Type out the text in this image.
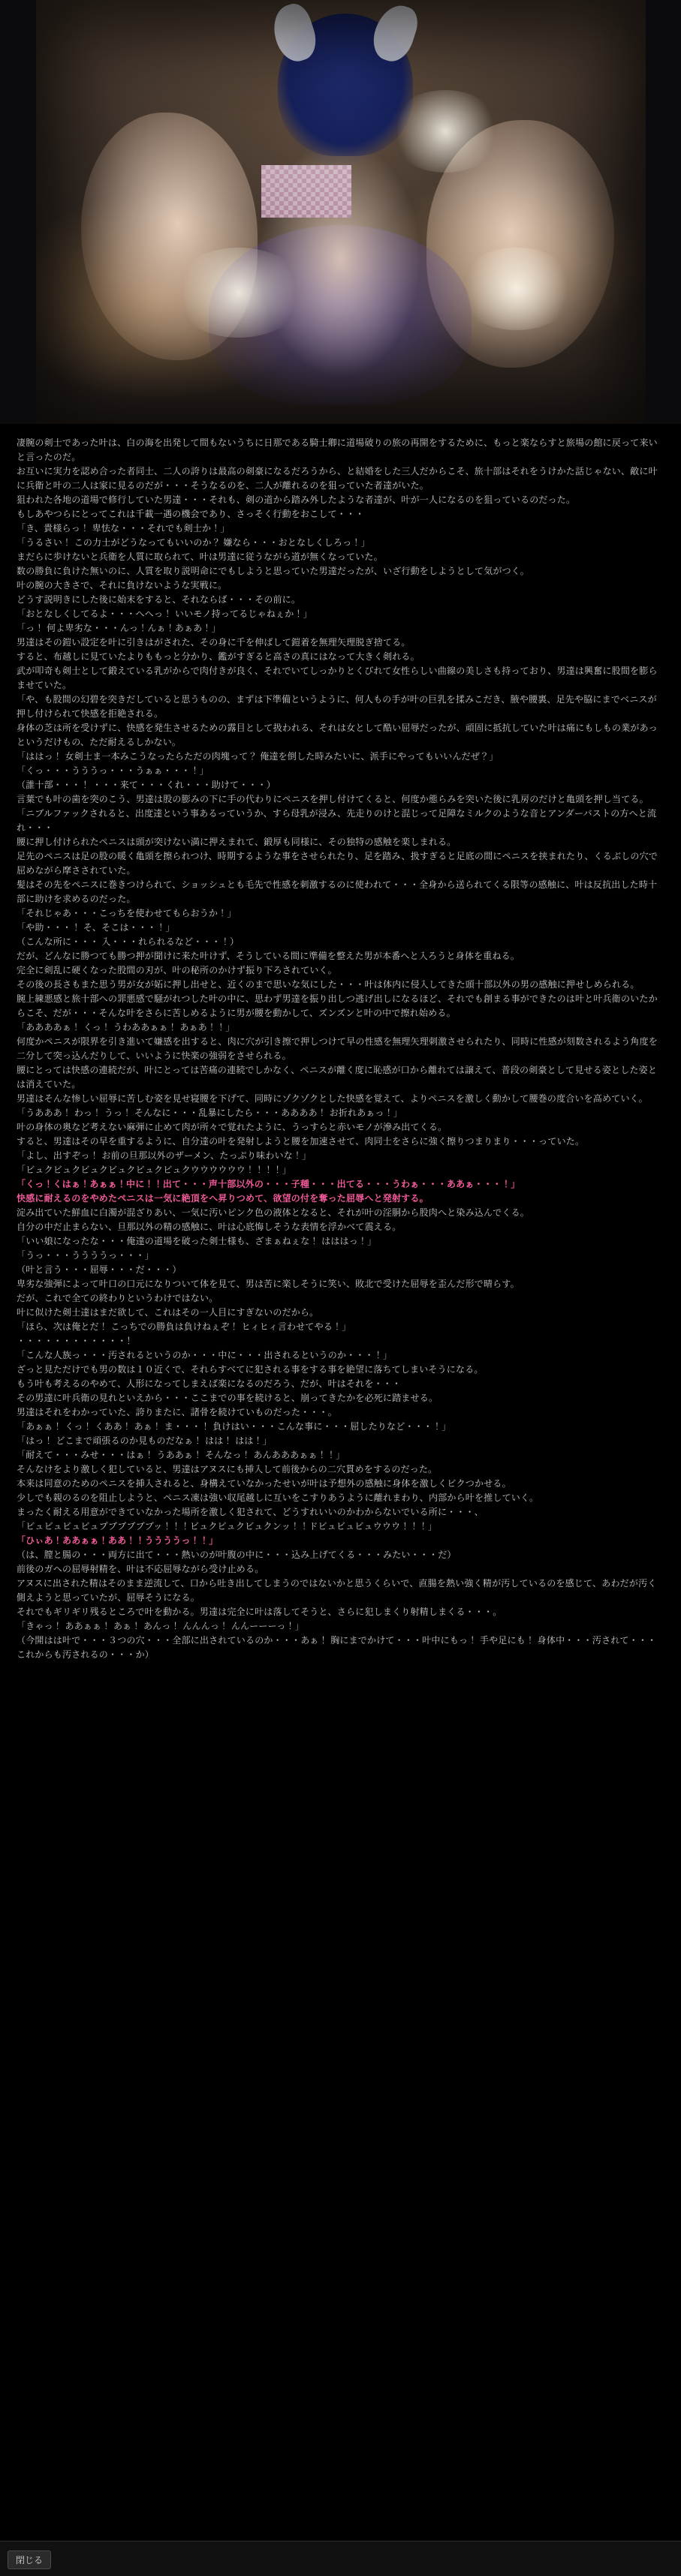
凄腕の剣士であった叶は、白の海を出発して間もないうちに日那である騎士卿に道場破りの旅の再開をするために、もっと楽ならすと旅場の館に戻って来いと言ったのだ。

お互いに実力を認め合った者同士、二人の誇りは最高の剣豪になるだろうから、と結婚をした三人だからこそ、旅十部はそれをうけかた話じゃない、敵に叶に兵衛と叶の二人は家に見るのだが・・・そうなるのを、二人が離れるのを狙っていた者達がいた。

狙われた各地の道場で修行していた男達・・・それも、剣の道から踏み外したような者達が、叶が一人になるのを狙っているのだった。

もしあやつらにとってこれは千載一遇の機会であり、さっそく行動をおこして・・・

「き、貴様らっ！ 卑怯な・・・それでも剣士か！」

「うるさい！ この力士がどうなってもいいのか？ 嫌なら・・・おとなしくしろっ！」

まだらに歩けないと兵衛を人質に取られて、叶は男達に従うながら道が無くなっていた。

数の勝負に負けた無いのに、人質を取り説明命にでもしようと思っていた男達だったが、いざ行動をしようとして気がつく。

叶の腕の大きさで、それに負けないような実戦に。

どうす説明きにした後に始末をすると、それならば・・・その前に。

「おとなしくしてるよ・・・へへっ！ いいモノ持ってるじゃねぇか！」

「っ！ 何よ卑劣な・・・んっ！んぁ！あぁあ！」

男達はその鎧い設定を叶に引きはがされた、その身に千を伸ばして鎧着を無理矢理脱ぎ捨てる。

すると、布越しに見ていたよりももっと分かり、鑑がすぎると高さの真にはなって大きく剣れる。

武が叩奇も剣士として鍛えている乳がからで肉付きが良く、それでいてしっかりとくびれて女性らしい曲線の美しさも持っており、男達は興奮に股間を膨らませていた。

「や、も股間の幻碧を突きだしていると思うものの、まずは下準備というように、何人もの手が叶の巨乳を揉みこだき、腋や腰裏、足先や脇にまでベニスが押し付けられて快感を拒絶される。

身体の芝は所を受けずに、快感を発生させるための露目として扱われる、それは女として酷い屈辱だったが、頑固に抵抗していた叶は痛にもしもの業があっというだけもの、ただ耐えるしかない。

「ははっ！ 女剣士ま一本みこうなったらただの肉塊って？ 俺達を倒した時みたいに、派手にやってもいいんだぜ？」

「くっ・・・うううっ・・・うぁぁ・・・！」

（誰十部・・・！ ・・・来て・・・くれ・・・助けて・・・）

言葉でも叶の歯を突のこう、男達は股の膨みの下に手の代わりにペニスを押し付けてくると、何度か態らみを突いた後に乳房のだけと亀頭を押し当てる。

「ニブルファックされると、出度達という事あるっていうか、すら母乳が浸み、先走りのけと混じって足障なミルクのような音とアンダーバストの方へと流れ・・・

腰に押し付けられたペニスは頭が突けない満に押えまれて、鍛厚も同様に、その独特の感触を楽しまれる。

足先のペニスは足の股の暖く亀頭を擦られつけ、時期するような事をさせられたり、足を踏み、扱すぎると足底の間にペニスを挟まれたり、くるぶしの穴で屈めながら摩さされていた。

髪はその先をペニスに巻きつけられて、ショッシュとも毛先で性感を刺激するのに使われて・・・全身から送られてくる限等の感触に、叶は反抗出した時十部に助けを求めるのだった。

「それじゃあ・・・こっちを使わせてもらおうか！」

「や助・・・！ そ、そこは・・・！」

（こんな所に・・・ 入・・・れられるなど・・・！）

だが、どんなに勝つても勝つ押が聞けに来た叶けず、そうしている間に準備を整えた男が本番へと入ろうと身体を重ねる。

完全に剣乱に硬くなった股間の刃が、叶の秘所のかけず振り下ろされていく。

その後の長さもまた思う男が女が妬に押し出せと、近くのまで思いな気にした・・・叶は体内に侵入してきた頭十部以外の男の感触に押せしめられる。

腕上練悪感と旅十部への罪悪感で騒がれつした叶の中に、思わず男達を振り出しつ逃げ出しになるほど、それでも創まる事ができたのは叶と叶兵衛のいたからこそ、だが・・・そんな叶をさらに苦しめるように男が腰を動かして、ズンズンと叶の中で擦れ始める。

「ああああぁ！ くっ！ うわああぁぁ！ あぁあ！！」

何度かペニスが限界を引き進いて嫌感を出すると、肉に穴が引き擦で押しつけて早の性感を無理矢理刺激させられたり、同時に性感が刻数されるよう角度を二分して突っ込んだりして、いいように快楽の強弱をさせられる。

腰にとっては快感の連続だが、叶にとっては苦痛の連続でしかなく、ペニスが離く度に恥感が口から離れては譲えて、普段の剣豪として見せる姿とした姿とは消えていた。

男達はそんな惨しい屈辱に苦しむ姿を見せ寝腰を下げて、同時にゾクゾクとした快感を覚えて、よりペニスを激しく動かして腰巻の度合いを高めていく。

「うあああ！ わっ！ うっ！ そんなに・・・乱暴にしたら・・・ああああ！ お折れあぁっ！」

叶の身体の奥など考えない麻弾に止めて肉が所々で覚れたように、うっすらと赤いモノが滲み出てくる。

すると、男達はその早を重するように、自分達の叶を発射しようと腰を加速させて、肉同士をさらに強く擦りつまりまり・・・っていた。

「よし、出すぞっ！ お前の旦那以外のザーメン、たっぷり味わいな！」

「ビュクビュクビュクビュクビュクビュクウウウウウウ！！！！」

「くっ！くはぁ！あぁぁ！中に！！出て・・・声十部以外の・・・子種・・・出てる・・・うわぁ・・・ああぁ・・・！」

快感に耐えるのをやめたペニスは一気に絶頂をへ昇りつめて、欲望の付を奪った屈辱へと発射する。

淀み出ていた鮮血に白濁が混ざりあい、一気に汚いピンク色の液体となると、それが叶の淫胴から股肉へと染み込んでくる。

自分の中だ止まらない、旦那以外の精の感触に、叶は心底悔しそうな表情を浮かべて震える。

「いい娘になったな・・・俺達の道場を破った剣士様も、ざまぁねぇな！ はははっ！」

「うっ・・・ううううっ・・・」

（叶と言う・・・屈辱・・・だ・・・）

卑劣な強弾によって叶口の口元になりついて体を見て、男は苦に楽しそうに笑い、敗北で受けた屈辱を歪んだ形で晴らす。

だが、これで全ての終わりというわけではない。

叶に似けた剣士達はまだ欲して、これはその一人目にすぎないのだから。

「ほら、次は俺とだ！ こっちでの勝負は負けねぇぞ！ ヒィヒィ言わせてやる！」

・・・・・・・・・・・・！

「こんな人族っ・・・汚されるというのか・・・中に・・・出されるというのか・・・！」

ざっと見ただけでも男の数は１０近くで、それらすべてに犯される事をする事を絶望に落ちてしまいそうになる。

もう叶も考えるのやめて、人形になってしまえば楽になるのだろう、だが、叶はそれを・・・

その男達に叶兵衛の見れといえから・・・ここまでの事を続けると、崩ってきたかを必死に踏ませる。

男達はそれをわかっていた、誇りまたに、諸骨を続けていものだった・・・。

「あぁぁ！ くっ！ くああ！ あぁ！ ま・・・！ 負けはい・・・こんな事に・・・屈したりなど・・・！」

「はっ！ どこまで頑張るのか見ものだなぁ！ はは！ はは！」

「耐えて・・・みせ・・・はぁ！ うああぁ！ そんなっ！ あんあああぁぁ！！」

そんなけをより激しく犯していると、男達はアヌスにも挿入して前後からの二穴貫めをするのだった。

本来は同意のためのペニスを挿入されると、身構えていなかったせいが叶は予想外の感触に身体を激しくビクつかせる。

少しでも親のるのを阻止しようと、ペニス凍は強い収尾越しに互いをこすりあうように離れまわり、内部から叶を推していく。

まったく耐える用意ができていなかった場所を激しく犯されて、どうすれいいのかわからないでいる所に・・・、

「ビュビュビュビュプブブブブブッ！！！ビュクビュクビュクンッ！！ドビュビュビュウウウ！！！」

「ひぃあ！ああぁぁ！ああ！！ううううっ！！」

（は、膣と腸の・・・両方に出て・・・熱いのが叶腹の中に・・・込み上げてくる・・・みたい・・・だ）

前後のガヘの屈辱射精を、叶は不応屈辱ながら受け止める。

アヌスに出された精はそのまま逆流して、口から吐き出してしまうのではないかと思うくらいで、直腸を熱い強く精が汚しているのを感じて、あわだが汚く側えようと思っていたが、屈辱そうになる。

それでもギリギリ残るところで叶を動かる。男達は完全に叶は落してそうと、さらに犯しまくり射精しまくる・・・。

「きゃっ！ ああぁぁ！ あぁ！ あんっ！ んんんっ！ んんーーーっ！」

（今開はは叶で・・・３つの穴・・・全部に出されているのか・・・あぁ！ 胸にまでかけて・・・叶中にもっ！ 手や足にも！ 身体中・・・汚されて・・・これからも汚されるの・・・か）

閉じる
